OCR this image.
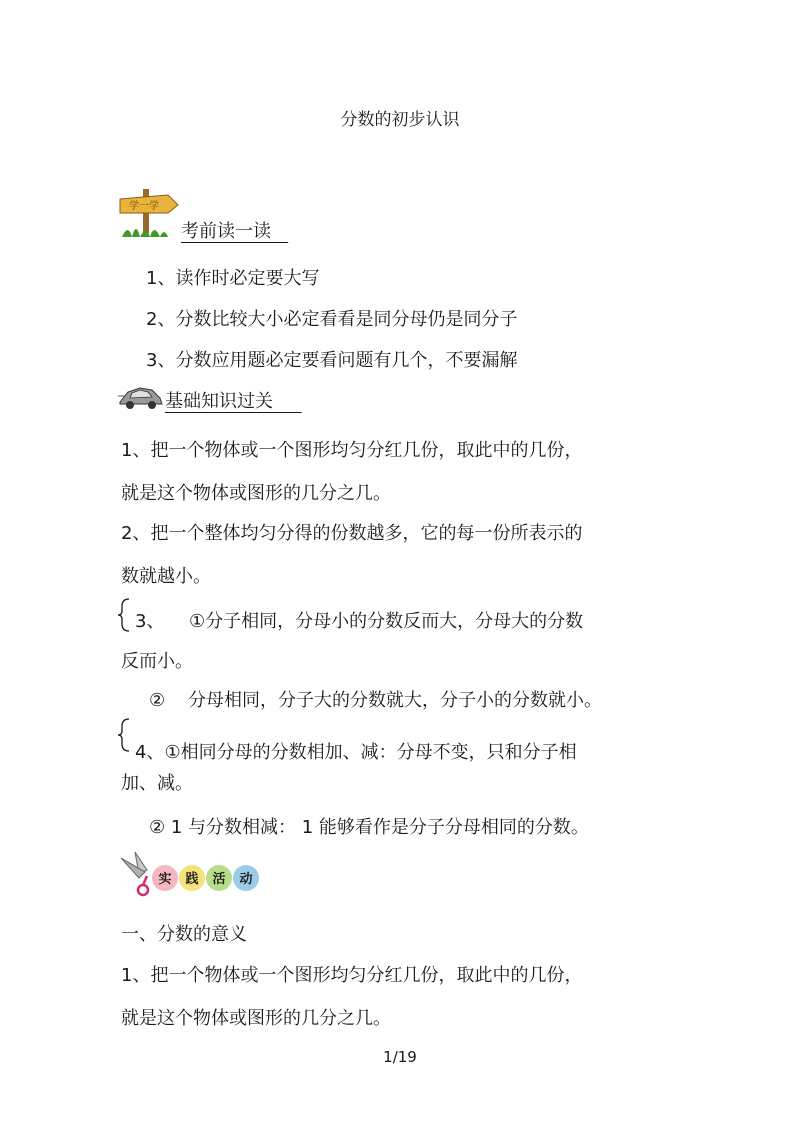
分数的初步认识
学一学
考前读一读
1、读作时必定要大写
2、分数比较大小必定看看是同分母仍是同分子
3、分数应用题必定要看问题有几个，不要漏解
基础知识过关
1、把一个物体或一个图形均匀分红几份，取此中的几份，
就是这个物体或图形的几分之几。
2、把一个整体均匀分得的份数越多，它的每一份所表示的
数就越小。
3、 ①分子相同，分母小的分数反而大，分母大的分数
反而小。
② 分母相同，分子大的分数就大，分子小的分数就小。
4、①相同分母的分数相加、减：分母不变，只和分子相
加、减。
② 1 与分数相减： 1 能够看作是分子分母相同的分数。
实 践 活 动
一、分数的意义
1、把一个物体或一个图形均匀分红几份，取此中的几份，
就是这个物体或图形的几分之几。
1/19
